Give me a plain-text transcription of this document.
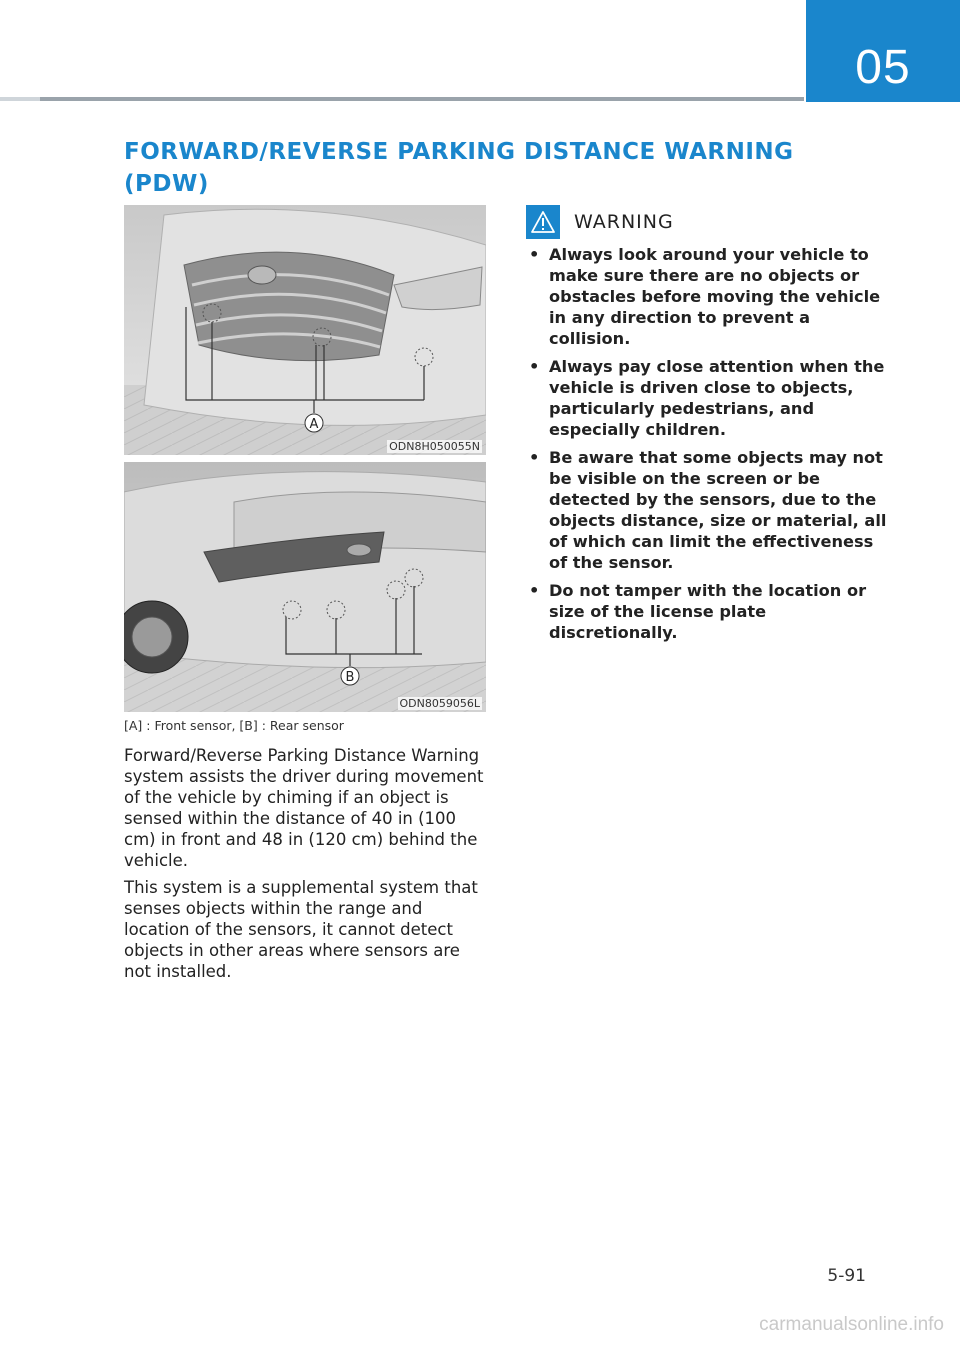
05
FORWARD/REVERSE PARKING DISTANCE WARNING (PDW)

A
ODN8H050055N
B
ODN8059056L
[A] : Front sensor, [B] : Rear sensor

Forward/Reverse Parking Distance Warning system assists the driver during movement of the vehicle by chiming if an object is sensed within the distance of 40 in (100 cm) in front and 48 in (120 cm) behind the vehicle.

This system is a supplemental system that senses objects within the range and location of the sensors, it cannot detect objects in other areas where sensors are not installed.

WARNING
• Always look around your vehicle to make sure there are no objects or obstacles before moving the vehicle in any direction to prevent a collision.
• Always pay close attention when the vehicle is driven close to objects, particularly pedestrians, and especially children.
• Be aware that some objects may not be visible on the screen or be detected by the sensors, due to the objects distance, size or material, all of which can limit the effectiveness of the sensor.
• Do not tamper with the location or size of the license plate discretionally.
5-91
carmanualsonline.info
